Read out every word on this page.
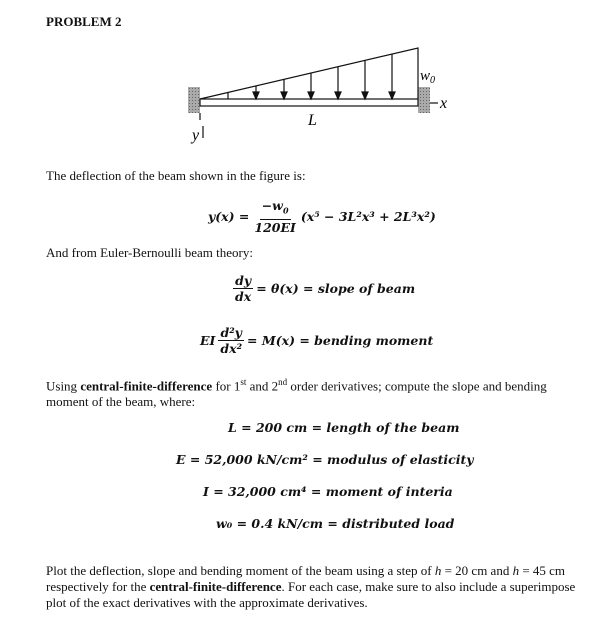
PROBLEM 2
$w_0$
x
L
y
The deflection of the beam shown in the figure is:
$y(x) = \frac{-w_0}{120EI} (x^5 - 3L^2x^3 + 2L^3x^2)$
And from Euler-Bernoulli beam theory:
$\frac{dy}{dx} = \theta(x)$ = slope of beam
EI $\frac{\text{d²y}}{\text{dx²}} = M(x)$ = bending moment
Using central-finite-difference for 1st and 2nd order derivatives; compute the slope and bending moment of the beam, where:
L = 200 cm
= length of the beam
E = 52,000 kN/cm²
= modulus of elasticity
I = 32,000 cm⁴
= moment of interia
w₀ = 0.4 kN/cm
= distributed load
Plot the deflection, slope and bending moment of the beam using a step of h = 20 cm and h = 45 cm respectively for the central-finite-difference. For each case, make sure to also include a superimpose plot of the exact derivatives with the approximate derivatives.
